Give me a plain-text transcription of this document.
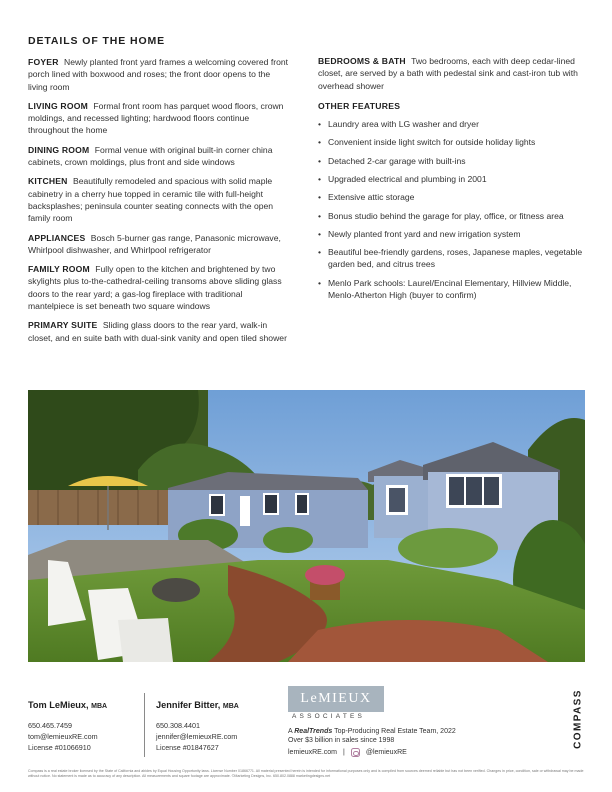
DETAILS OF THE HOME
FOYER Newly planted front yard frames a welcoming covered front porch lined with boxwood and roses; the front door opens to the living room
LIVING ROOM Formal front room has parquet wood floors, crown moldings, and recessed lighting; hardwood floors continue throughout the home
DINING ROOM Formal venue with original built-in corner china cabinets, crown moldings, plus front and side windows
KITCHEN Beautifully remodeled and spacious with solid maple cabinetry in a cherry hue topped in ceramic tile with full-height backsplashes; peninsula counter seating connects with the open family room
APPLIANCES Bosch 5-burner gas range, Panasonic microwave, Whirlpool dishwasher, and Whirlpool refrigerator
FAMILY ROOM Fully open to the kitchen and brightened by two skylights plus to-the-cathedral-ceiling transoms above sliding glass doors to the rear yard; a gas-log fireplace with traditional mantelpiece is set beneath two square windows
PRIMARY SUITE Sliding glass doors to the rear yard, walk-in closet, and en suite bath with dual-sink vanity and open tiled shower
BEDROOMS & BATH Two bedrooms, each with deep cedar-lined closet, are served by a bath with pedestal sink and cast-iron tub with overhead shower
OTHER FEATURES
• Laundry area with LG washer and dryer
• Convenient inside light switch for outside holiday lights
• Detached 2-car garage with built-ins
• Upgraded electrical and plumbing in 2001
• Extensive attic storage
• Bonus studio behind the garage for play, office, or fitness area
• Newly planted front yard and new irrigation system
• Beautiful bee-friendly gardens, roses, Japanese maples, vegetable garden bed, and citrus trees
• Menlo Park schools: Laurel/Encinal Elementary, Hillview Middle, Menlo-Atherton High (buyer to confirm)
Tom LeMieux, MBA
650.465.7459
tom@lemieuxRE.com
License #01066910
Jennifer Bitter, MBA
650.308.4401
jennifer@lemieuxRE.com
License #01847627
LeMIEUX
ASSOCIATES
A RealTrends Top-Producing Real Estate Team, 2022
Over $3 billion in sales since 1998
lemieuxRE.com |	@lemieuxRE
COMPASS
Compass is a real estate broker licensed by the State of California and abides by Equal Housing Opportunity laws. License Number 01866771. All material presented herein is intended for informational purposes only and is compiled from sources deemed reliable but has not been verified. Changes in price, condition, sale or withdrawal may be made without notice. No statement is made as to accuracy of any description. All measurements and square footage are approximate. ©Marketing Designs, Inc. 650.802.0888 marketingdesigns.net
